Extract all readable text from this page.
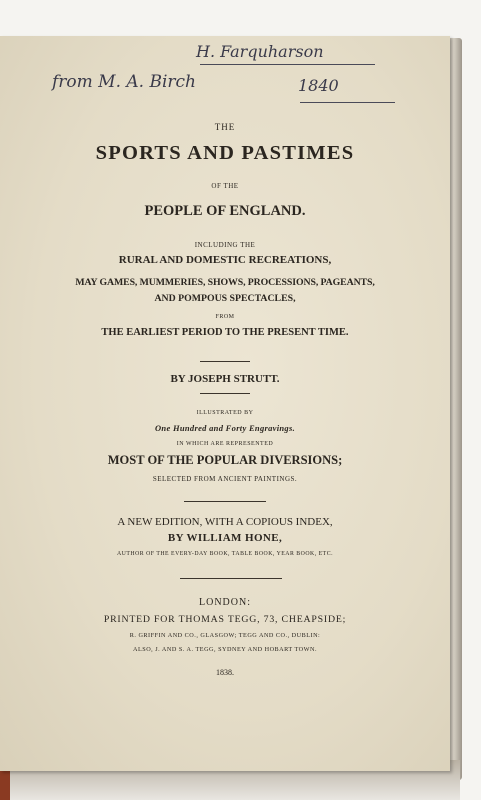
H. Farquharson
from M. A. Birch	1840
THE
SPORTS AND PASTIMES
OF THE
PEOPLE OF ENGLAND.
INCLUDING THE
RURAL AND DOMESTIC RECREATIONS,
MAY GAMES, MUMMERIES, SHOWS, PROCESSIONS, PAGEANTS,
AND POMPOUS SPECTACLES,
FROM
THE EARLIEST PERIOD TO THE PRESENT TIME.
BY JOSEPH STRUTT.
ILLUSTRATED BY
One Hundred and Forty Engravings.
IN WHICH ARE REPRESENTED
MOST OF THE POPULAR DIVERSIONS;
SELECTED FROM ANCIENT PAINTINGS.
A NEW EDITION, WITH A COPIOUS INDEX,
BY WILLIAM HONE,
AUTHOR OF THE EVERY-DAY BOOK, TABLE BOOK, YEAR BOOK, ETC.
LONDON:
PRINTED FOR THOMAS TEGG, 73, CHEAPSIDE;
R. GRIFFIN AND CO., GLASGOW; TEGG AND CO., DUBLIN:
ALSO, J. AND S. A. TEGG, SYDNEY AND HOBART TOWN.
1838.
